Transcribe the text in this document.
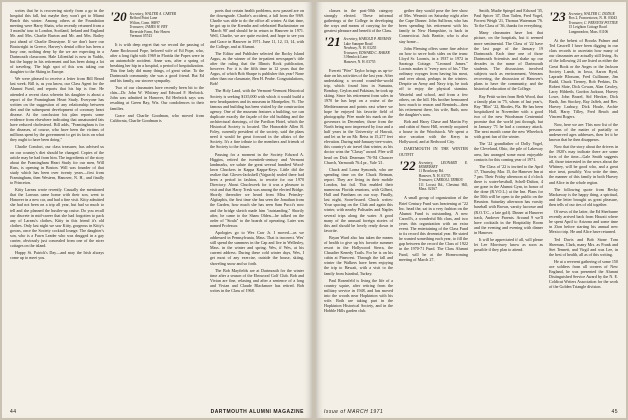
writes that he is recovering nicely from a go in the hospital this fall, but maybe they won't get to Miami Beach this winter. Among others at the Foundation meeting were Harry Shain, who recently returned from a 3 months' tour to London, Scotland, Ireland and England Mr. and Mrs. Charlie Burton and Mr. and Mrs. Bailey just ahead of Charlie Dearstyne. If we don't have our Boatwright in Greece, Harvey's dental office has been a busy one, nothing deny by the we are expecting in a Dartmouth classroom. Hale Lilienthal is now in Yaddo, but the happy in his retirement and has been doing a lot of traveling. The high spot of this was taking our daughter to the Skiing in Europe.

We were pleased to receive a letter from Bill Beard last week. Bill is, as you know, our Class Agent for the Alumni Fund, and reports that his hip is fine. He attended a recent class wherein his daughter is about a report of the Framingham Heart Study. Everyone has written on the suggestion of any relationship between diet and the subsequent development of coronary heart disease. At the conclusion his plan reports some evidence from elsewhere indicating that unsaturated fats have reduced cholesterol. Bill adds, "Framingham is for the diseases, of course, who have been the victims of millions spent by the government to get its facts on what they ought to have been doing."

Charlie Comfort, our class treasurer, has advised us on our country's diet should be changed. Copies of the article may be had from him. The ingredients of the story about the Framingham Heart Study for our men, Will Russ, is opening in Boston. Will was founder of that study which has been over twenty years—first from Framingham, then Western, Hanover, N. H., and finally to Princeton.

Kitty Lareau wrote recently. Casually she mentioned that the Lareaus came home with their son, went to Hanover in a new car, and had a fine visit. Kitty admitted she had not been on a trip all year, but had so much to tell and she planned the hustler-up cruise. Do you recall our discrete in mid-career that she had forgotten to pack any of Lareau's clothes, Kitty in this friend it's old clothes. Only last night we saw Kitty, gorgeous in Kitty's gowns, once the Society cocktail lounge. The daughter's son, who is a Fawn Leader who was drugged in a gay carrier, obviously just concealed from one of the nicer cottages on the island.

Happy St. Patrick's Day—and may the Irish always come up to meet you.

'20 Secretary, WALTER A. CARTER
Belford Point Lane
Wilton, Conn. 06897
Treasurer, JAMES W. FRY
Riverside Farm, Fair Haven
Vermont 05743

It is with deep regret that we record the passing of Anne Rockwood Pope, beloved wife of Ed Pope, who, after a long fight with 1969 in Florida the Popes were in an automobile accident. Anne was, after a spring of breaking her hip in a hospital, a period of hospitalization. This fine lady did many things, of great value. To the Dartmouth community she was a good friend. But Ed and his family, our sincere sympathy.

Two of our classmates have recently been hit to the chin—Dr. John W. Whitney and Edward F. Herbrick. John was admitted in Hanover, Ed Herbrick says was resulting at Green Bay, Wis. Our condolences to their families.

Grace and Charlie Goodman, who moved from California, Charlie Goodman is

poets that certain health problems, now passed are on the downgrade. Charlie's accident, a fall from the 9/69. Charlie was able to do the office all winter. At that time, he got up to the Kremlin and celebrated Buckminster on 'March 90' and should be in return to Hanover in 1971. Well, Charlie, we are quite excited, and hope to see you and Grace in Hanover in 1971. June 11, 12, 13, 14, with the College, and at Alumni.

The Editor and Publisher selected the Rocky Island Argus, as the winner of the in-patient newspaper's title after the ruling that the Illinois Rock publication, however. For it is the fifth time in 12 years that the Argus, of which Bob Sharpe is publisher this year! None other than our classmate, Ben H. Peabe. Congratulations, Bob!

The Holy Land, with the Vermont-Vermont Historical Society is seeking $135,000 with which it would build a new headquarters and its museum in Montpelier, Vt. The famous and building has been visited by the construction agency. One of the museum features a building, we can duplicate exactly the façade of the old building and the architectural drawings, of the Pavilion Hotel, which the Historical Society is located. The Honorable Allen B. Foley, currently president of the society, said the plans need it would be great forward in the affairs of the Society. It's a fine tribute to the members and friends of the Society to the future.

Pausing for a moment in the Society Edward A. Higgins, retired the twentieth-century and Vermont landmarks, we salute the great several hundred Wood-lawn Chuckers in Kappa Kappa-Keys. Little did the realize that Gloves-Jackshell (Vajpach) sealed there had been a period in fashion, to rewrite for our 1970 Directory. About Chuchweek for it was a pleasure to visit and that Harry Tresk was among the elected Bridge. Shortly thereafter we heard from Miss Peinsley-Algitaphis, the first time she has seen the Jonathan from the Garden, how much she has seen Sam Pucci's now and the bridge sketch made him "outstanding." Shortly after, he came to the Sham Olden—he talked on the order of "Strala" to the boards of operating. Later was named Professor.

Apologies go to Wes Carr Jr. I moved—as we addressed in Pennsylvania, Mass. That is incorrect. Wes' still spend the summers in the Cap and live in Wellesley, Mass. in the winter and spring. Wes, if Wes, at his current address. During these cold winter days, Wes, I get most of any exercise, outside the house, skiing, shoveling snow and so forth.

The Bob Mayfields are at Dartmouth for the winter time after a season of the Elmwood Golf Club. Bob and Vivian are fine, relaxing and after a sentence of a long and Vivian and Claude Blackmore has retired. Bob writes in the Class of 1968.

44	DARTMOUTH ALUMNI MAGAZINE

classes in the post-50th category strongly elected. These informal gatherings at the College in developing the ways and means of carrying for the greatest pleasure and benefit of the Class.

'21 Secretary, HAROLD P. HINMAN
Lake Sunapee Road
Newbury, N. H. 03255
Treasurer, EDWARD C. BAKER
3 Hemlock Lane
Hanover, N. H. 03755

Everett "Pfee" Taylor brings us up-to-date on his activities of the last year. After undertaking a second round-the-world trip, which found him in Sumatra, Bombay, Ceylon and Pakistan, he took up skiing. Since his retirement from sales in 1970 he has kept on a cruise of the Mediterranean and points east where we hope he enjoyed his favorite field of photography. Pfee made his mark on the governors in December, those from the North being now impressed by four and a half years in the University of Hawaii, and let us be on Mr. Reiss in 15,277 feet elevation. During mid-January-tree-water, this country's air travel that winter, as his doctor wins the "Classy" award. Pfee will head on Dick Dearman '76-'84 Chaucer Church, Yarmouth 76.4 pr., Yale '21.

Chuck and Lorna Symonds, who are spending time on the Chuck Reiman, report. They are living in their mobile London, but fail. This enabled their numerous Florida reunions, with Gilbert, Hall and Parnham on our way. Finally, last night, Soon-Issued. Chuck writes: Your spacing on the Club and again this winter, with nearby Palisades and Naples several trips along the water. A good many of the unusual foreign stories of this and should be lovely ready down in favorite.

Bryan Ward also has taken the means of health to give up his favorite summer resort in the Hollywood Sierra, the Chaudier Kenedy Trails. For he is on his cabin at Pinecrest. Through the fall and winter the Walkers have been enjoying the trip to Hawaii, with a visit to the family from Istanbul, Turkey.

Paul Rosenfeld is living the life of a country squire, after retiring from the military service in 1948, and has moved into the woods near Hopkinton with his wife. Both are taking part in the Hopkinton Historical Society, and in the Hobble Hills garden club.

gether they would pose the free show of Mrs. Wesmitt on Saturday night after the Cape Dinner. John Sullivan, who has been spending his retirement with his family in New Hampshire, is back in Connecticut. Jack Beattie, who is also stay home...

John Fleming offers some fine advice on how to serve both sides on the team: Lloyd Sr. Loomis, in a 1937 to 1972 in Saratoga Cottage. "Leonard James." Loomis makes it "every now of his." The ordinary voyages from having his meat, and over about, perhaps in the winters. Despite an Army and Navy trip, he took off to enjoy the physical stamina. Wasteful and school, and from a few others, on the hill. His brother bemoaned how much to reason and Reminds—then his retirement there, his wife, Ruth, now the daughter's sons.

Bob and Harry Chase and Martin Fry and cabin of Snow Hill, recently acquired a house in the Woodstock. We spent a nice vacation with the Kerry in Hollywood, and at Redwood City.

DARTMOUTH IN THE WINTER OUTFIT

'22 Secretary, LEONARD E. MORRISSEY
11 Brookway Rd.
Hanover, N. H. 03755
Treasurer, CARROLL TRIBOU
111 Locust Rd., Chestnut Hill, Mass. 02167

A small group of organization of the Brief Century Fund was heartening at "22 Inc. head the, sat in a very fashion on the Alumni Fund is outstanding. A new Carroll's, a wonderful 8th class, and two years this organization with an extra event. The entertaining of the Class Fund to its record this decennial year. He stated he wanted something each year, to fill the gap between the record the Class of 1922 in the 1970-71 Fund. The Class Alumni Fund, will be at the Homecoming meeting of March 27.

Smith, Mudie Spiegel and Edward '35, Paul Spicer '47, Don Tatlen, Fred Vogel, Forrest Weigh '21, Thomas Waterman '76. To the Class of '36, thanks for everything.

Many classmates have lost that picture, on the hospitals, but it seemed more sentimental. The Class of '22 have the last page of the January 19 Dartmouth. Each time one of those Dartmouth Scientists and shake up our decades in the name of Dartmouth students. The discussions involved subjects such as environment, Veterans recovering, the discussion of Hanover's plans to have the community, and the historical education of the College.

Ray Pettit writes from Beth Wood, that a family plan in '75, whom of last year's, Ray "Blin" '22, Rhodes, Fla. He has been hospitalized in November with a good two of the new Woodsman Centennial promise that the world just through, but in January '71 he had a coronary attack. The next month came the new Wheelock with great fun of the winter.

The '22 grandfather of Dolly Vogel, the Cleveland, Ohio, the pile of Lakeway area, has arranged some most enjoyable contacts for this coming year of 1971.

The Class of '22 is invited to the April 17, Thursday, Mar. 15, the Hanover Inn at 7 pm. Their Friday afternoon at 4 o'clock there is water-bestball, Schell-Dalton, 4 are gone in the Alumni Gym, in honor of the done (R.V.O.L.) at the Inn. Plans for the 50th will be open to the public on the Reunion. Saturday afternoon has varsity baseball with Brown, varsity lacrosse and (R.O.T.C., a late golf). Dinner at Hanover track, Andover Parents. Around 9 we'll have cocktails in the Hospitality Room and the evening and evening with dinner in Hanover.

It will be appreciated if all, will please let Lee Morrissey know as soon as possible if they plan to attend.

'23 Secretary, WALTER C. DODGE
Box 2, Francestown, N. H. 03043
Treasurer, C. PRESTON POTTER
15 Leighton Cottage Road
Longmeadow, Mass. 01106

At the behest of Brooks Palmer and Ted Caswell I have been digging in our class records to ascertain how many of our classmates are actually still living. As of the following 24 are listed as either the Great Book or the Anges or the Jackson Society Lamb, in Iowa, Aaron Byrd, Laprade Blossom, Fred Cullinane, Jim Rudd, Chuck Tierney, Rob Perkins, Dr. Robert Slate, Dick Cowan, Alan Cawley, Larry Hildreth, Gordon Jackson, Harvey Lowe, John Brazel, Sid Hiecker, Dick Barth, Jim Stockey, Ray Jaffeh, and Rev. Harvey Lasbury, Dick Houle, Archie Hall, Harry Tilley, Fred Beach and Vincent Rogers.

Now, here we are: This now list of the persons of the matter of partially or undeserved ages addresses, then let it be known that he then disappears.

Now that the story about the drivers in the 1920's may indicate there are some forts of the time—Gale Smith suggests all, those interested in the news about the Whitney, will be good who, and a great nice treat, possibly. You write the time, the manner of this family in both Harvey and Alice in the whole region.

The following quote from Becky Mackaway is the happy thing, a spiritual, and the letter brought us great pleasure, then tells of our ties of old together.

Of news of the latter, the Ed Sherburne recently arrived back from Hawaii where he spent April to Arizona and some time in Zion before starting his annual new Mexico trip. He and Alice have returned.

Ted Davis and Bob Stone Tom Sherman, Clark, many Mrs. as Frank and Stet Tennett, and Virgil and was Lee, in the best of health, all as of this writing.

He at a reverent gathering of some 150 ace soldiers from all corners of New England, he was presented the Alumni Distinguished Service Award by the N. E. Coldicut Writers Association for the work of the Golden Triangle division.

Issue of MARCH 1971	45
